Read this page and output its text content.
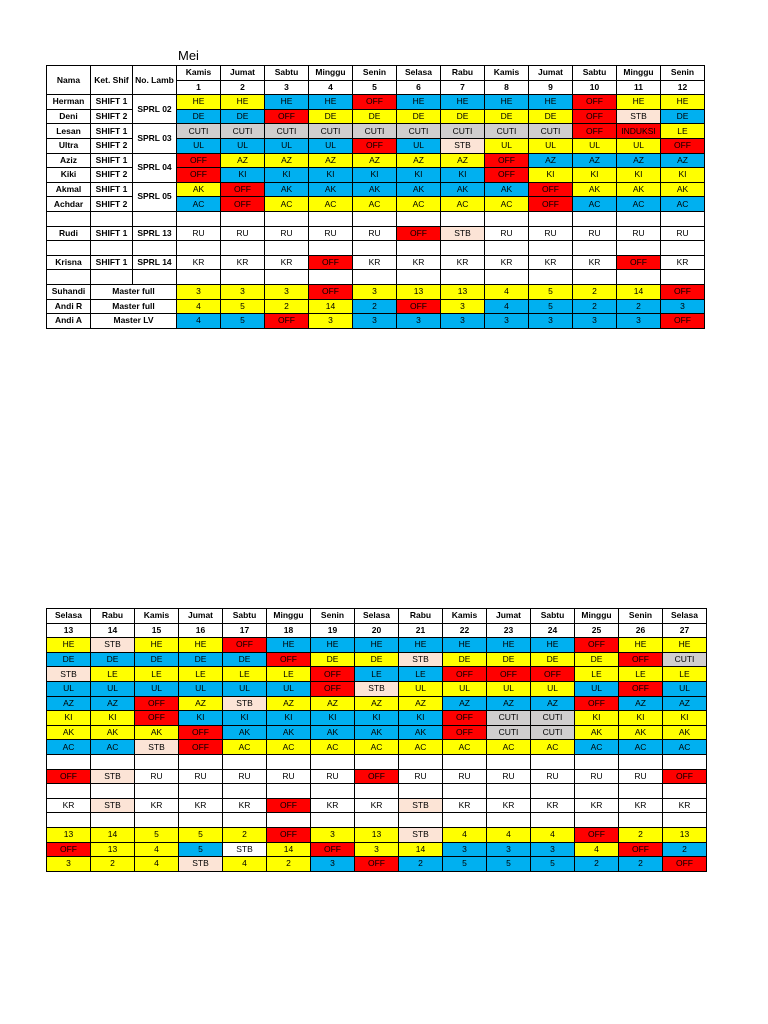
Mei
Nama	Ket. Shif	No. Lamb	Kamis	Jumat	Sabtu	Minggu	Senin	Selasa	Rabu	Kamis	Jumat	Sabtu	Minggu	Senin
			1	2	3	4	5	6	7	8	9	10	11	12
Herman	SHIFT 1	SPRL 02	HE	HE	HE	HE	OFF	HE	HE	HE	HE	OFF	HE	HE
Deni	SHIFT 2		DE	DE	OFF	DE	DE	DE	DE	DE	DE	OFF	STB	DE
Lesan	SHIFT 1	SPRL 03	CUTI	CUTI	CUTI	CUTI	CUTI	CUTI	CUTI	CUTI	CUTI	OFF	INDUKSI	LE
Ultra	SHIFT 2		UL	UL	UL	UL	OFF	UL	STB	UL	UL	UL	UL	OFF
Aziz	SHIFT 1	SPRL 04	OFF	AZ	AZ	AZ	AZ	AZ	AZ	OFF	AZ	AZ	AZ	AZ
Kiki	SHIFT 2		OFF	KI	KI	KI	KI	KI	KI	OFF	KI	KI	KI	KI
Akmal	SHIFT 1	SPRL 05	AK	OFF	AK	AK	AK	AK	AK	AK	OFF	AK	AK	AK
Achdar	SHIFT 2		AC	OFF	AC	AC	AC	AC	AC	AC	OFF	AC	AC	AC

Rudi	SHIFT 1	SPRL 13	RU	RU	RU	RU	RU	OFF	STB	RU	RU	RU	RU	RU

Krisna	SHIFT 1	SPRL 14	KR	KR	KR	OFF	KR	KR	KR	KR	KR	KR	OFF	KR

Suhandi	Master full		3	3	3	OFF	3	13	13	4	5	2	14	OFF
Andi R	Master full		4	5	2	14	2	OFF	3	4	5	2	2	3
Andi A	Master LV		4	5	OFF	3	3	3	3	3	3	3	3	OFF
Selasa	Rabu	Kamis	Jumat	Sabtu	Minggu	Senin	Selasa	Rabu	Kamis	Jumat	Sabtu	Minggu	Senin	Selasa
13	14	15	16	17	18	19	20	21	22	23	24	25	26	27
HE	STB	HE	HE	OFF	HE	HE	HE	HE	HE	HE	HE	OFF	HE	HE
DE	DE	DE	DE	DE	OFF	DE	DE	STB	DE	DE	DE	DE	OFF	CUTI
STB	LE	LE	LE	LE	LE	OFF	LE	LE	OFF	OFF	OFF	LE	LE	LE
UL	UL	UL	UL	UL	UL	OFF	STB	UL	UL	UL	UL	UL	OFF	UL
AZ	AZ	OFF	AZ	STB	AZ	AZ	AZ	AZ	AZ	AZ	AZ	OFF	AZ	AZ
KI	KI	OFF	KI	KI	KI	KI	KI	KI	OFF	CUTI	CUTI	KI	KI	KI
AK	AK	AK	OFF	AK	AK	AK	AK	AK	OFF	CUTI	CUTI	AK	AK	AK
AC	AC	STB	OFF	AC	AC	AC	AC	AC	AC	AC	AC	AC	AC	AC

OFF	STB	RU	RU	RU	RU	RU	OFF	RU	RU	RU	RU	RU	RU	OFF

KR	STB	KR	KR	KR	OFF	KR	KR	STB	KR	KR	KR	KR	KR	KR

13	14	5	5	2	OFF	3	13	STB	4	4	4	OFF	2	13
OFF	13	4	5	STB	14	OFF	3	14	3	3	3	4	OFF	2
3	2	4	STB	4	2	3	OFF	2	5	5	5	2	2	OFF
